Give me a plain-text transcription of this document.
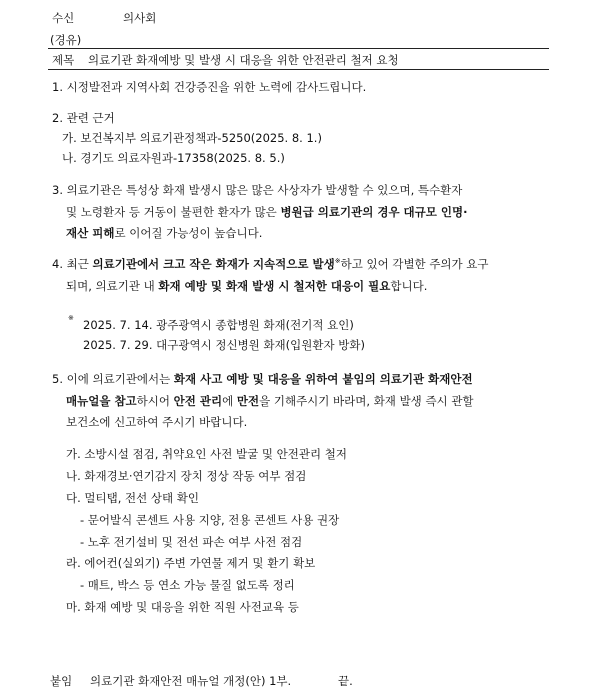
수신	의사회
(경유)
제목 의료기관 화재예방 및 발생 시 대응을 위한 안전관리 철저 요청
1. 시정발전과 지역사회 건강증진을 위한 노력에 감사드립니다.
2. 관련 근거
가. 보건복지부 의료기관정책과-5250(2025. 8. 1.)
나. 경기도 의료자원과-17358(2025. 8. 5.)
3. 의료기관은 특성상 화재 발생시 많은 많은 사상자가 발생할 수 있으며, 특수환자
및 노령환자 등 거동이 불편한 환자가 많은 병원급 의료기관의 경우 대규모 인명·
재산 피해로 이어질 가능성이 높습니다.
4. 최근 의료기관에서 크고 작은 화재가 지속적으로 발생※하고 있어 각별한 주의가 요구
되며, 의료기관 내 화재 예방 및 화재 발생 시 철저한 대응이 필요합니다.
※ 2025. 7. 14. 광주광역시 종합병원 화재(전기적 요인)
2025. 7. 29. 대구광역시 정신병원 화재(입원환자 방화)
5. 이에 의료기관에서는 화재 사고 예방 및 대응을 위하여 붙임의 의료기관 화재안전
매뉴얼을 참고하시어 안전 관리에 만전을 기해주시기 바라며, 화재 발생 즉시 관할
보건소에 신고하여 주시기 바랍니다.
가. 소방시설 점검, 취약요인 사전 발굴 및 안전관리 철저
나. 화재경보·연기감지 장치 정상 작동 여부 점검
다. 멀티탭, 전선 상태 확인
- 문어발식 콘센트 사용 지양, 전용 콘센트 사용 권장
- 노후 전기설비 및 전선 파손 여부 사전 점검
라. 에어컨(실외기) 주변 가연물 제거 및 환기 확보
- 매트, 박스 등 연소 가능 물질 없도록 정리
마. 화재 예방 및 대응을 위한 직원 사전교육 등
붙임 의료기관 화재안전 매뉴얼 개정(안) 1부.	끝.
